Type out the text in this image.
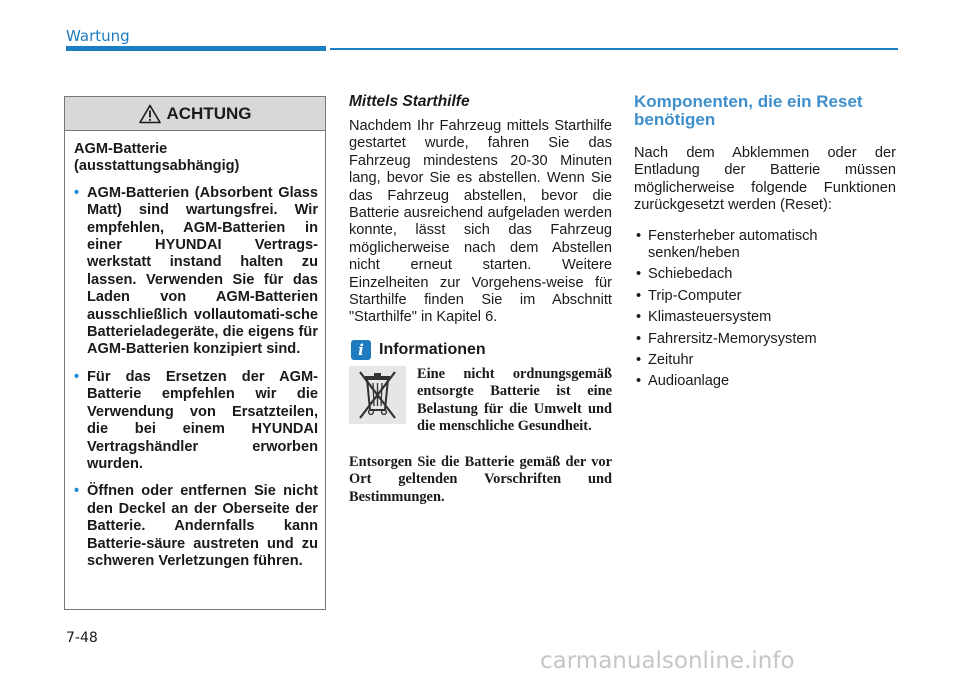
Wartung
ACHTUNG
AGM-Batterie (ausstattungsabhängig)
• AGM-Batterien (Absorbent Glass Matt) sind wartungsfrei. Wir empfehlen, AGM-Batterien in einer HYUNDAI Vertrags-werkstatt instand halten zu lassen. Verwenden Sie für das Laden von AGM-Batterien ausschließlich vollautomati-sche Batterieladegeräte, die eigens für AGM-Batterien konzipiert sind.
• Für das Ersetzen der AGM-Batterie empfehlen wir die Verwendung von Ersatzteilen, die bei einem HYUNDAI Vertragshändler erworben wurden.
• Öffnen oder entfernen Sie nicht den Deckel an der Oberseite der Batterie. Andernfalls kann Batterie-säure austreten und zu schweren Verletzungen führen.
Mittels Starthilfe

Nachdem Ihr Fahrzeug mittels Starthilfe gestartet wurde, fahren Sie das Fahrzeug mindestens 20-30 Minuten lang, bevor Sie es abstellen. Wenn Sie das Fahrzeug abstellen, bevor die Batterie ausreichend aufgeladen werden konnte, lässt sich das Fahrzeug möglicherweise nach dem Abstellen nicht erneut starten. Weitere Einzelheiten zur Vorgehens-weise für Starthilfe finden Sie im Abschnitt "Starthilfe" in Kapitel 6.

i Informationen
Eine nicht ordnungsgemäß entsorgte Batterie ist eine Belastung für die Umwelt und die menschliche Gesundheit.
Entsorgen Sie die Batterie gemäß der vor Ort geltenden Vorschriften und Bestimmungen.
Komponenten, die ein Reset benötigen

Nach dem Abklemmen oder der Entladung der Batterie müssen möglicherweise folgende Funktionen zurückgesetzt werden (Reset):

• Fensterheber automatisch senken/heben
• Schiebedach
• Trip-Computer
• Klimasteuersystem
• Fahrersitz-Memorysystem
• Zeituhr
• Audioanlage
7-48
carmanualsonline.info
